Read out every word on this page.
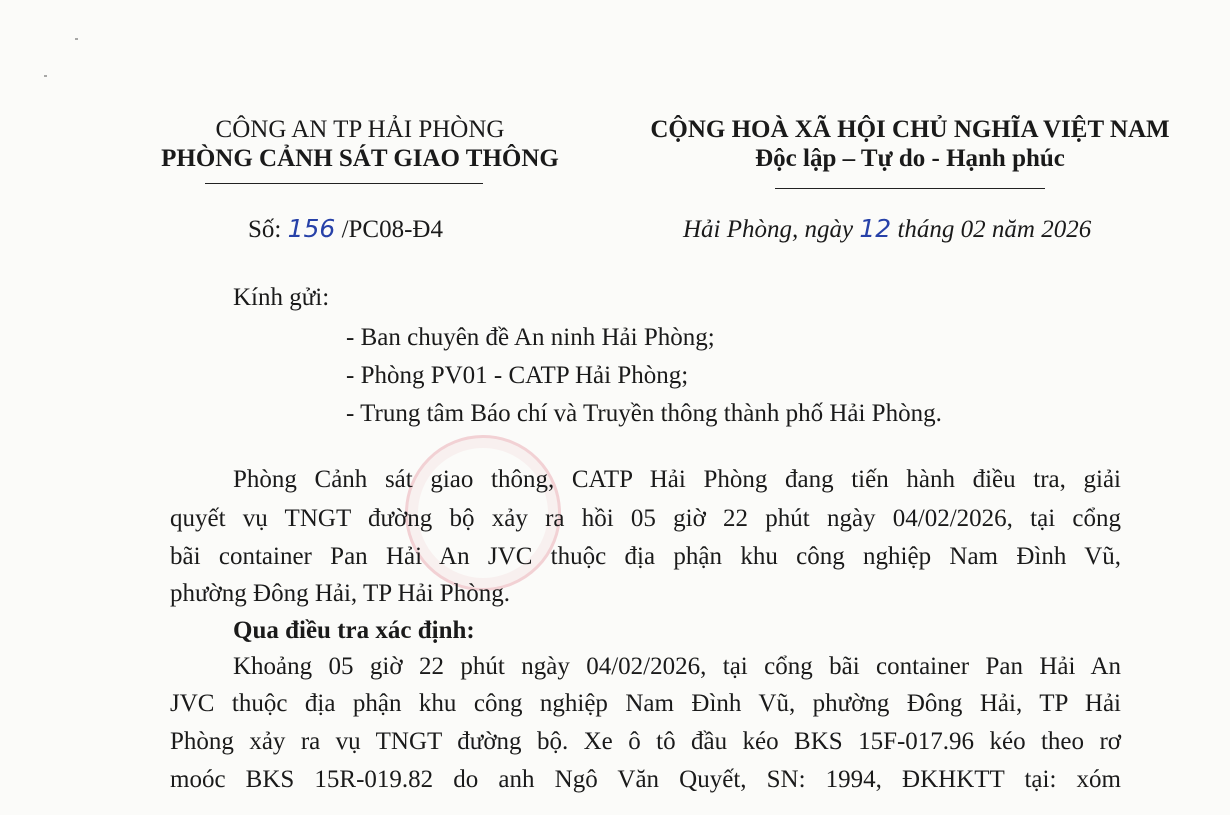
CÔNG AN TP HẢI PHÒNG
PHÒNG CẢNH SÁT GIAO THÔNG
CỘNG HOÀ XÃ HỘI CHỦ NGHĨA VIỆT NAM
Độc lập – Tự do - Hạnh phúc
Số: 156 /PC08-Đ4	Hải Phòng, ngày 12 tháng 02 năm 2026
Kính gửi:
- Ban chuyên đề An ninh Hải Phòng;
- Phòng PV01 - CATP Hải Phòng;
- Trung tâm Báo chí và Truyền thông thành phố Hải Phòng.
Phòng Cảnh sát giao thông, CATP Hải Phòng đang tiến hành điều tra, giải
quyết vụ TNGT đường bộ xảy ra hồi 05 giờ 22 phút ngày 04/02/2026, tại cổng
bãi container Pan Hải An JVC thuộc địa phận khu công nghiệp Nam Đình Vũ,
phường Đông Hải, TP Hải Phòng.
Qua điều tra xác định:
Khoảng 05 giờ 22 phút ngày 04/02/2026, tại cổng bãi container Pan Hải An
JVC thuộc địa phận khu công nghiệp Nam Đình Vũ, phường Đông Hải, TP Hải
Phòng xảy ra vụ TNGT đường bộ. Xe ô tô đầu kéo BKS 15F-017.96 kéo theo rơ
moóc BKS 15R-019.82 do anh Ngô Văn Quyết, SN: 1994, ĐKHKTT tại: xóm
